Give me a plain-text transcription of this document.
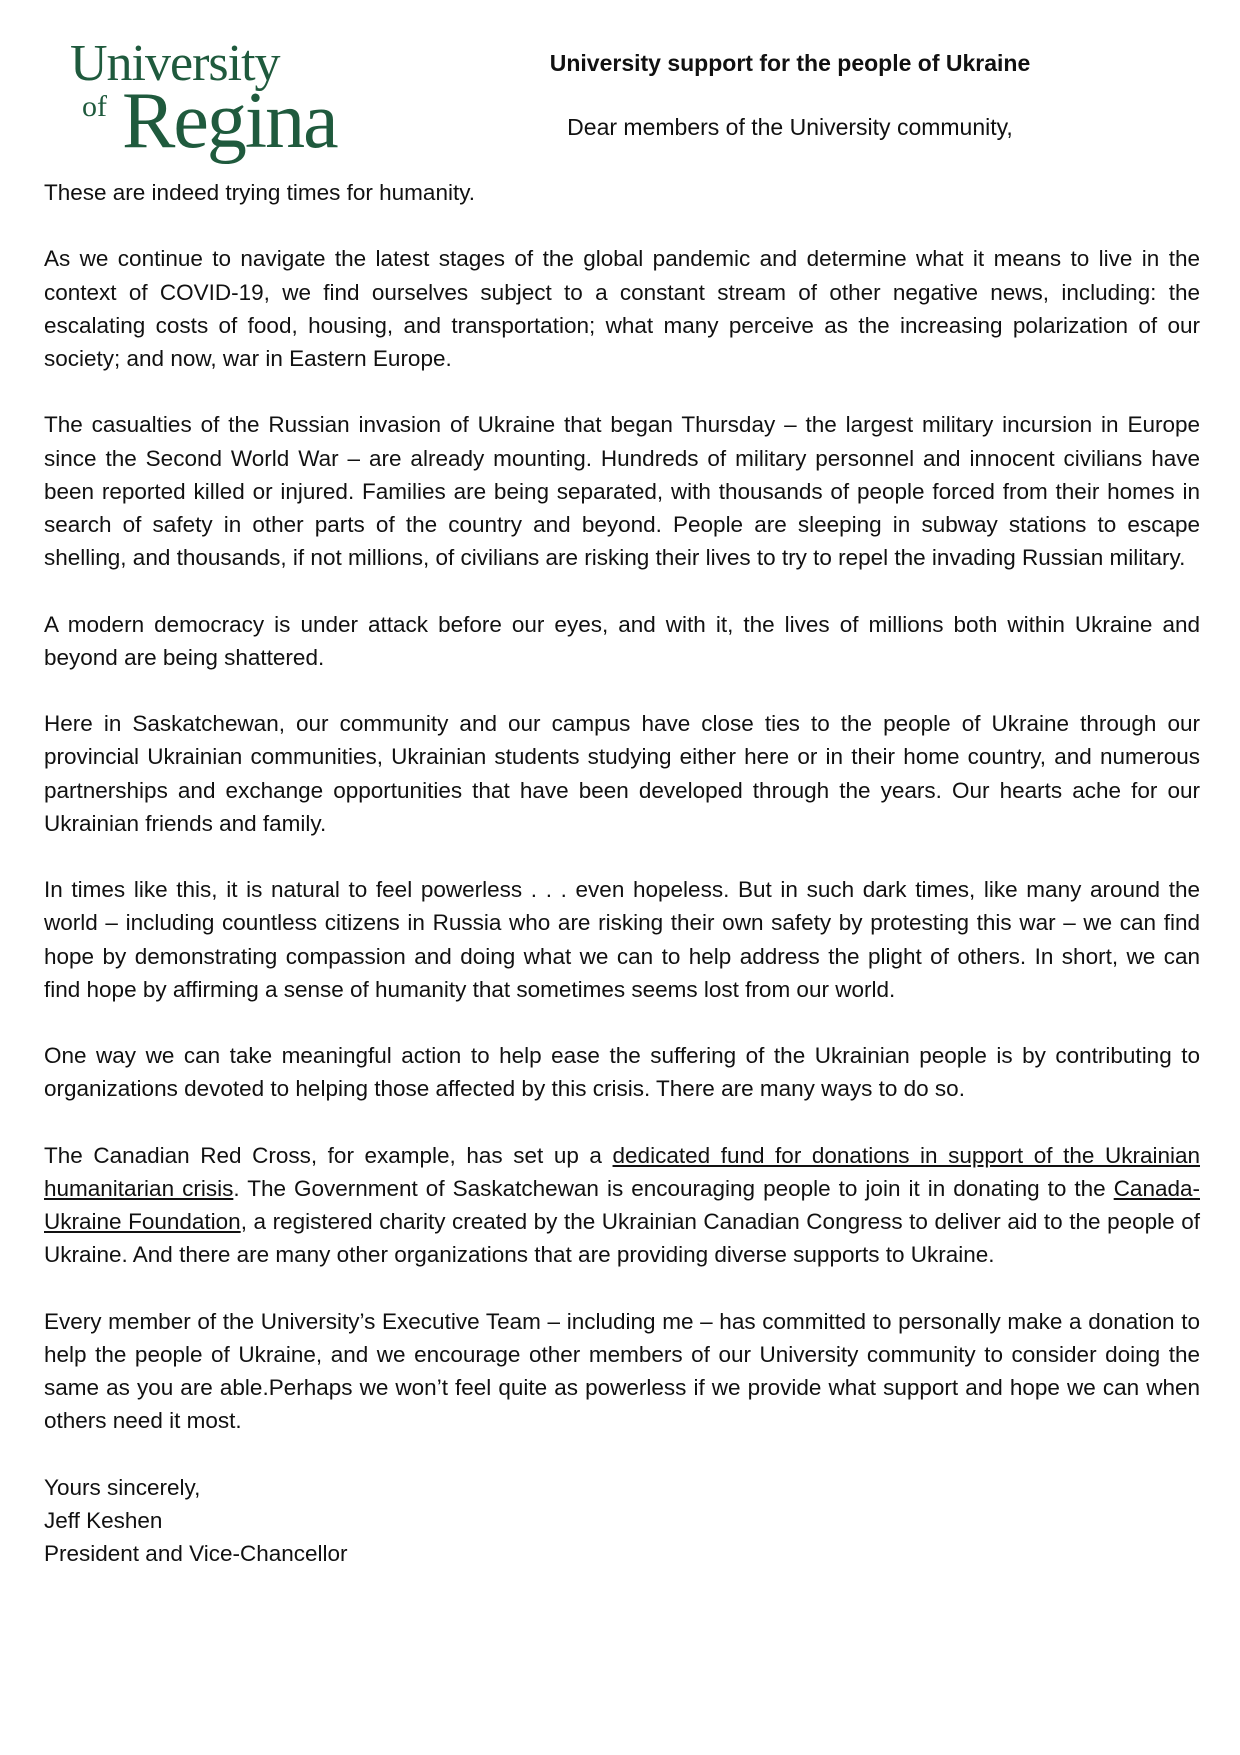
University
of Regina
University support for the people of Ukraine
Dear members of the University community,

These are indeed trying times for humanity.

As we continue to navigate the latest stages of the global pandemic and determine what it means to live in the context of COVID-19, we find ourselves subject to a constant stream of other negative news, including: the escalating costs of food, housing, and transportation; what many perceive as the increasing polarization of our society; and now, war in Eastern Europe.

The casualties of the Russian invasion of Ukraine that began Thursday – the largest military incursion in Europe since the Second World War – are already mounting. Hundreds of military personnel and innocent civilians have been reported killed or injured. Families are being separated, with thousands of people forced from their homes in search of safety in other parts of the country and beyond. People are sleeping in subway stations to escape shelling, and thousands, if not millions, of civilians are risking their lives to try to repel the invading Russian military.

A modern democracy is under attack before our eyes, and with it, the lives of millions both within Ukraine and beyond are being shattered.

Here in Saskatchewan, our community and our campus have close ties to the people of Ukraine through our provincial Ukrainian communities, Ukrainian students studying either here or in their home country, and numerous partnerships and exchange opportunities that have been developed through the years. Our hearts ache for our Ukrainian friends and family.

In times like this, it is natural to feel powerless . . . even hopeless. But in such dark times, like many around the world – including countless citizens in Russia who are risking their own safety by protesting this war – we can find hope by demonstrating compassion and doing what we can to help address the plight of others. In short, we can find hope by affirming a sense of humanity that sometimes seems lost from our world.

One way we can take meaningful action to help ease the suffering of the Ukrainian people is by contributing to organizations devoted to helping those affected by this crisis. There are many ways to do so.

The Canadian Red Cross, for example, has set up a dedicated fund for donations in support of the Ukrainian humanitarian crisis. The Government of Saskatchewan is encouraging people to join it in donating to the Canada-Ukraine Foundation, a registered charity created by the Ukrainian Canadian Congress to deliver aid to the people of Ukraine. And there are many other organizations that are providing diverse supports to Ukraine.

Every member of the University’s Executive Team – including me – has committed to personally make a donation to help the people of Ukraine, and we encourage other members of our University community to consider doing the same as you are able.Perhaps we won’t feel quite as powerless if we provide what support and hope we can when others need it most.

Yours sincerely,

Jeff Keshen

President and Vice-Chancellor
